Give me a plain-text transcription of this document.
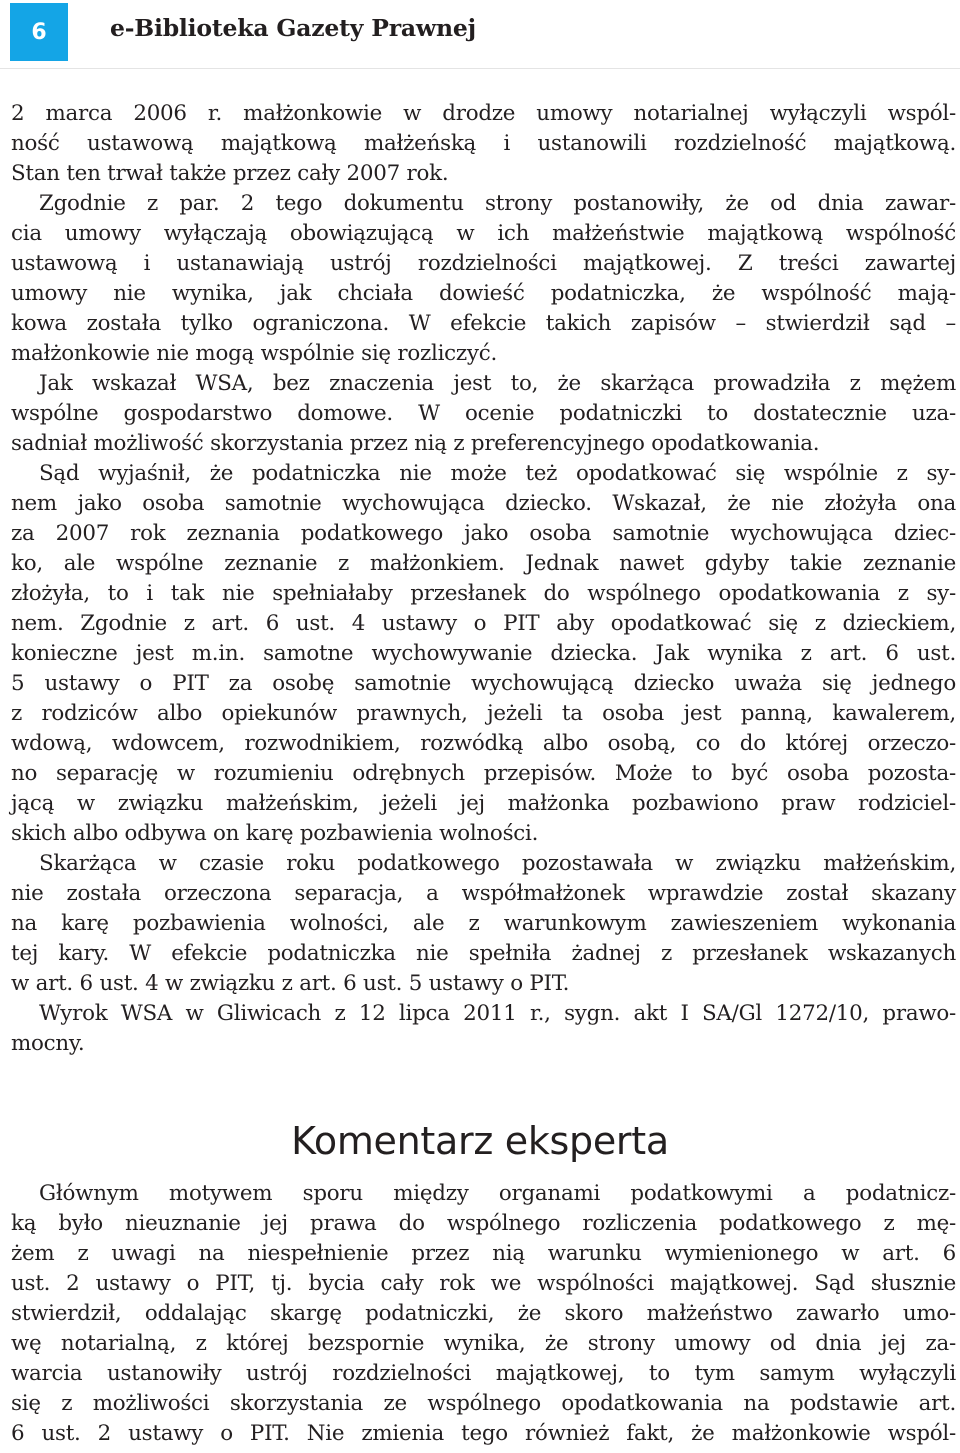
6	e-Biblioteka Gazety Prawnej
2 marca 2006 r. małżonkowie w drodze umowy notarialnej wyłączyli wspól-
ność ustawową majątkową małżeńską i ustanowili rozdzielność majątkową.
Stan ten trwał także przez cały 2007 rok.
Zgodnie z par. 2 tego dokumentu strony postanowiły, że od dnia zawar-
cia umowy wyłączają obowiązującą w ich małżeństwie majątkową wspólność
ustawową i ustanawiają ustrój rozdzielności majątkowej. Z treści zawartej
umowy nie wynika, jak chciała dowieść podatniczka, że wspólność mają-
kowa została tylko ograniczona. W efekcie takich zapisów – stwierdził sąd –
małżonkowie nie mogą wspólnie się rozliczyć.
Jak wskazał WSA, bez znaczenia jest to, że skarżąca prowadziła z mężem
wspólne gospodarstwo domowe. W ocenie podatniczki to dostatecznie uza-
sadniał możliwość skorzystania przez nią z preferencyjnego opodatkowania.
Sąd wyjaśnił, że podatniczka nie może też opodatkować się wspólnie z sy-
nem jako osoba samotnie wychowująca dziecko. Wskazał, że nie złożyła ona
za 2007 rok zeznania podatkowego jako osoba samotnie wychowująca dziec-
ko, ale wspólne zeznanie z małżonkiem. Jednak nawet gdyby takie zeznanie
złożyła, to i tak nie spełniałaby przesłanek do wspólnego opodatkowania z sy-
nem. Zgodnie z art. 6 ust. 4 ustawy o PIT aby opodatkować się z dzieckiem,
konieczne jest m.in. samotne wychowywanie dziecka. Jak wynika z art. 6 ust.
5 ustawy o PIT za osobę samotnie wychowującą dziecko uważa się jednego
z rodziców albo opiekunów prawnych, jeżeli ta osoba jest panną, kawalerem,
wdową, wdowcem, rozwodnikiem, rozwódką albo osobą, co do której orzeczo-
no separację w rozumieniu odrębnych przepisów. Może to być osoba pozosta-
jącą w związku małżeńskim, jeżeli jej małżonka pozbawiono praw rodziciel-
skich albo odbywa on karę pozbawienia wolności.
Skarżąca w czasie roku podatkowego pozostawała w związku małżeńskim,
nie została orzeczona separacja, a współmałżonek wprawdzie został skazany
na karę pozbawienia wolności, ale z warunkowym zawieszeniem wykonania
tej kary. W efekcie podatniczka nie spełniła żadnej z przesłanek wskazanych
w art. 6 ust. 4 w związku z art. 6 ust. 5 ustawy o PIT.
Wyrok WSA w Gliwicach z 12 lipca 2011 r., sygn. akt I SA/Gl 1272/10, prawo-
mocny.
Komentarz eksperta
Głównym motywem sporu między organami podatkowymi a podatnicz-
ką było nieuznanie jej prawa do wspólnego rozliczenia podatkowego z mę-
żem z uwagi na niespełnienie przez nią warunku wymienionego w art. 6
ust. 2 ustawy o PIT, tj. bycia cały rok we wspólności majątkowej. Sąd słusznie
stwierdził, oddalając skargę podatniczki, że skoro małżeństwo zawarło umo-
wę notarialną, z której bezspornie wynika, że strony umowy od dnia jej za-
warcia ustanowiły ustrój rozdzielności majątkowej, to tym samym wyłączyli
się z możliwości skorzystania ze wspólnego opodatkowania na podstawie art.
6 ust. 2 ustawy o PIT. Nie zmienia tego również fakt, że małżonkowie wspól-
